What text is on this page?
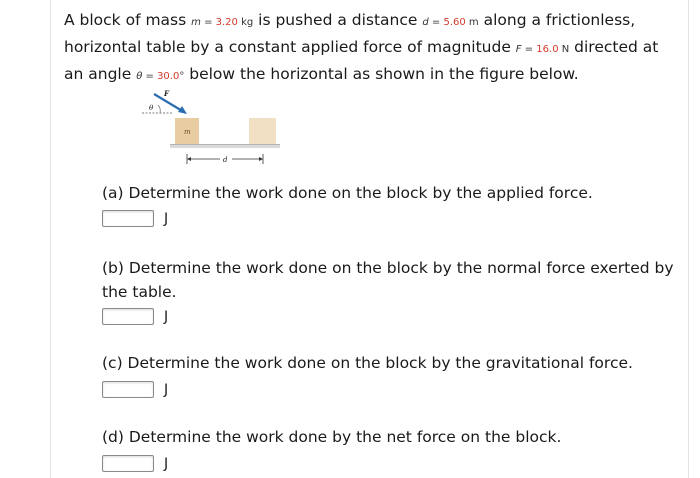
A block of mass m = 3.20 kg is pushed a distance d = 5.60 m along a frictionless, horizontal table by a constant applied force of magnitude F = 16.0 N directed at an angle θ = 30.0° below the horizontal as shown in the figure below.
m
F
θ
d
(a) Determine the work done on the block by the applied force.
J
(b) Determine the work done on the block by the normal force exerted by the table.
J
(c) Determine the work done on the block by the gravitational force.
J
(d) Determine the work done by the net force on the block.
J
